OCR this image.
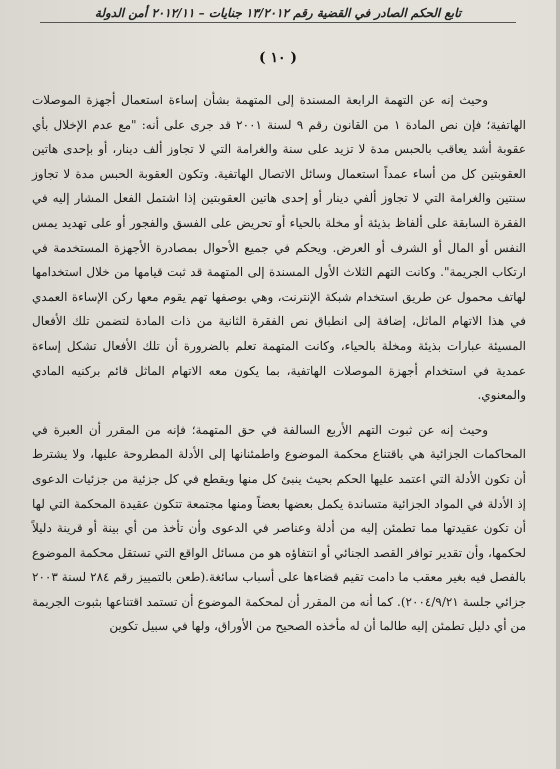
تابع الحكم الصادر في القضية رقم ١٣/٢٠١٢ جنايات – ٢٠١٢/١١ أمن الدولة
( ١٠ )

وحيث إنه عن التهمة الرابعة المسندة إلى المتهمة بشأن إساءة استعمال أجهزة الموصلات الهاتفية؛ فإن نص المادة ١ من القانون رقم ٩ لسنة ٢٠٠١ قد جرى على أنه: "مع عدم الإخلال بأي عقوبة أشد يعاقب بالحبس مدة لا تزيد على سنة والغرامة التي لا تجاوز ألف دينار، أو بإحدى هاتين العقوبتين كل من أساء عمداً استعمال وسائل الاتصال الهاتفية. وتكون العقوبة الحبس مدة لا تجاوز سنتين والغرامة التي لا تجاوز ألفي دينار أو إحدى هاتين العقوبتين إذا اشتمل الفعل المشار إليه في الفقرة السابقة على ألفاظ بذيئة أو مخلة بالحياء أو تحريض على الفسق والفجور أو على تهديد يمس النفس أو المال أو الشرف أو العرض. ويحكم في جميع الأحوال بمصادرة الأجهزة المستخدمة في ارتكاب الجريمة". وكانت التهم الثلاث الأول المسندة إلى المتهمة قد ثبت قيامها من خلال استخدامها لهاتف محمول عن طريق استخدام شبكة الإنترنت، وهي بوصفها تهم يقوم معها ركن الإساءة العمدي في هذا الاتهام الماثل، إضافة إلى انطباق نص الفقرة الثانية من ذات المادة لتضمن تلك الأفعال المسيئة عبارات بذيئة ومخلة بالحياء، وكانت المتهمة تعلم بالضرورة أن تلك الأفعال تشكل إساءة عمدية في استخدام أجهزة الموصلات الهاتفية، بما يكون معه الاتهام الماثل قائم بركنيه المادي والمعنوي.

وحيث إنه عن ثبوت التهم الأربع السالفة في حق المتهمة؛ فإنه من المقرر أن العبرة في المحاكمات الجزائية هي باقتناع محكمة الموضوع واطمئنانها إلى الأدلة المطروحة عليها، ولا يشترط أن تكون الأدلة التي اعتمد عليها الحكم بحيث ينبئ كل منها ويقطع في كل جزئية من جزئيات الدعوى إذ الأدلة في المواد الجزائية متساندة يكمل بعضها بعضاً ومنها مجتمعة تتكون عقيدة المحكمة التي لها أن تكون عقيدتها مما تطمئن إليه من أدلة وعناصر في الدعوى وأن تأخذ من أي بينة أو قرينة دليلاً لحكمها، وأن تقدير توافر القصد الجنائي أو انتفاؤه هو من مسائل الواقع التي تستقل محكمة الموضوع بالفصل فيه بغير معقب ما دامت تقيم قضاءها على أسباب سائغة.(طعن بالتمييز رقم ٢٨٤ لسنة ٢٠٠٣ جزائي جلسة ٢٠٠٤/٩/٢١). كما أنه من المقرر أن لمحكمة الموضوع أن تستمد اقتناعها بثبوت الجريمة من أي دليل تطمئن إليه طالما أن له مأخذه الصحيح من الأوراق، ولها في سبيل تكوين
